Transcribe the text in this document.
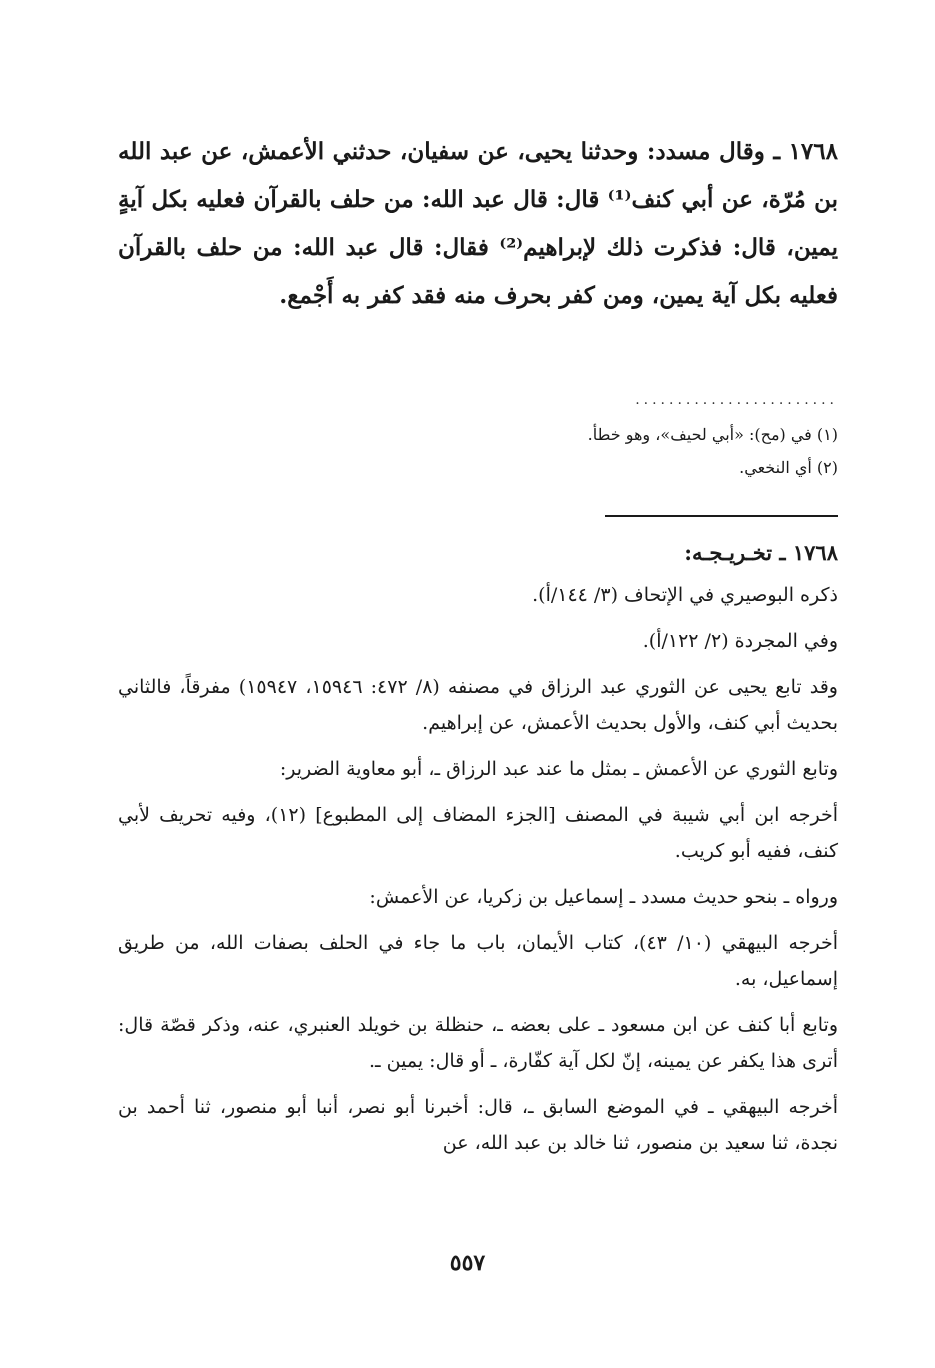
١٧٦٨ ـ وقال مسدد: وحدثنا يحيى، عن سفيان، حدثني الأعمش، عن عبد الله بن مُرّة، عن أبي كنف⁽¹⁾ قال: قال عبد الله: من حلف بالقرآن فعليه بكل آيةٍ يمين، قال: فذكرت ذلك لإبراهيم⁽²⁾ فقال: قال عبد الله: من حلف بالقرآن فعليه بكل آية يمين، ومن كفر بحرف منه فقد كفر به أَجْمع.

........................
(١) في (مح): «أبي لحيف»، وهو خطأ.
(٢) أي النخعي.
١٧٦٨ ـ تخـريـجـه:

ذكره البوصيري في الإتحاف (٣/ ١٤٤/أ).

وفي المجردة (٢/ ١٢٢/أ).

وقد تابع يحيى عن الثوري عبد الرزاق في مصنفه (٨/ ٤٧٢: ١٥٩٤٦، ١٥٩٤٧) مفرقاً، فالثاني بحديث أبي كنف، والأول بحديث الأعمش، عن إبراهيم.

وتابع الثوري عن الأعمش ـ بمثل ما عند عبد الرزاق ـ، أبو معاوية الضرير:

أخرجه ابن أبي شيبة في المصنف [الجزء المضاف إلى المطبوع] (١٢)، وفيه تحريف لأبي كنف، ففيه أبو كريب.

ورواه ـ بنحو حديث مسدد ـ إسماعيل بن زكريا، عن الأعمش:

أخرجه البيهقي (١٠/ ٤٣)، كتاب الأيمان، باب ما جاء في الحلف بصفات الله، من طريق إسماعيل، به.

وتابع أبا كنف عن ابن مسعود ـ على بعضه ـ، حنظلة بن خويلد العنبري، عنه، وذكر قصّة قال: أترى هذا يكفر عن يمينه، إنّ لكل آية كفّارة، ـ أو قال: يمين ـ.

أخرجه البيهقي ـ في الموضع السابق ـ، قال: أخبرنا أبو نصر، أنبا أبو منصور، ثنا أحمد بن نجدة، ثنا سعيد بن منصور، ثنا خالد بن عبد الله، عن

٥٥٧
